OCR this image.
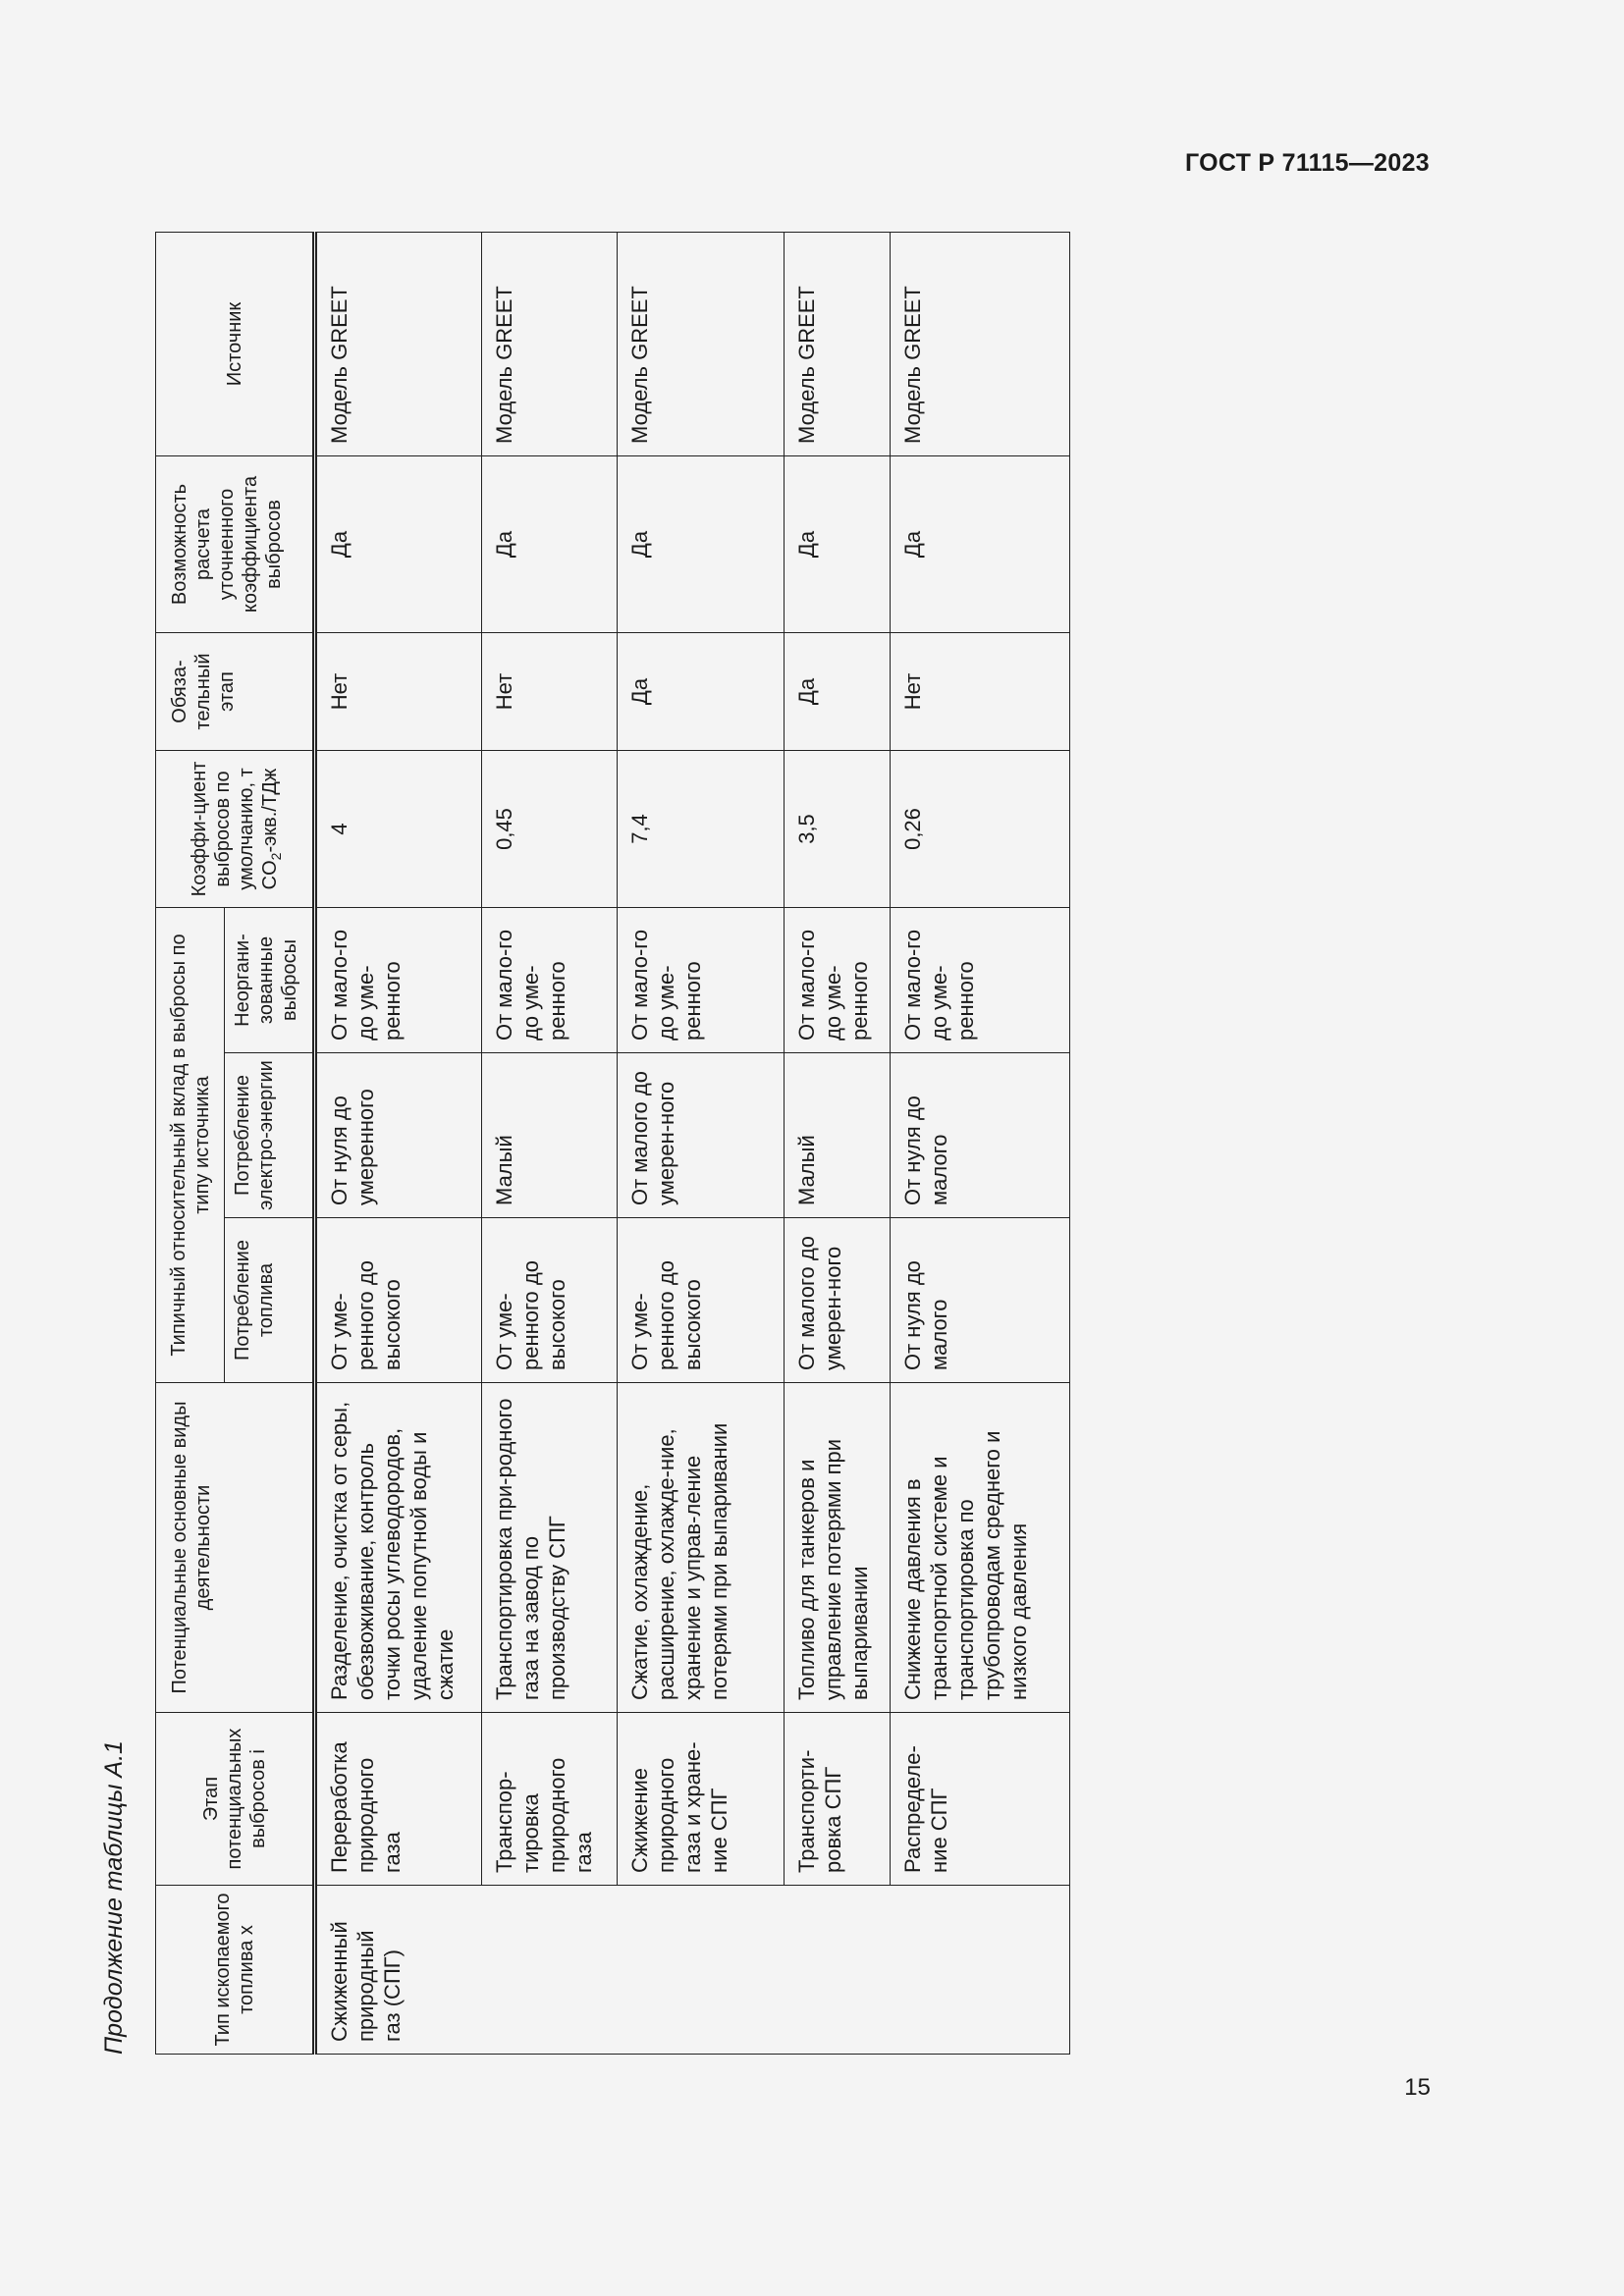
ГОСТ Р 71115—2023
Продолжение таблицы А.1	Тип ископаемого топлива x	Этап потенциальных выбросов i	Потенциальные основные виды деятельности	Типичный относительный вклад в выбросы по типу источника			Коэффи-циент выбросов по умолчанию, т $CO_2-экв$./ТДж	Обяза-тельный этап	Возможность расчета уточненного коэффициента выбросов	Источник
			Потребление топлива	Потребление электро-энергии	Неоргани-зованные выбросы				
Сжиженный природный газ (СПГ)	Переработка природного газа	Разделение, очистка от серы, обезвоживание, контроль точки росы углеводородов, удаление попутной воды и сжатие	От уме-ренного до высокого	От нуля до умеренного	От мало-го до уме-ренного	4	Нет	Да	Модель GREET
	Транспор-тировка природного газа	Транспортировка при-родного газа на завод по производству СПГ	От уме-ренного до высокого	Малый	От мало-го до уме-ренного	0,45	Нет	Да	Модель GREET
	Сжижение природного газа и хране-ние СПГ	Сжатие, охлаждение, расширение, охлажде-ние, хранение и управ-ление потерями при выпаривании	От уме-ренного до высокого	От малого до умерен-ного	От мало-го до уме-ренного	7,4	Да	Да	Модель GREET
	Транспорти-ровка СПГ	Топливо для танкеров и управление потерями при выпаривании	От малого до умерен-ного	Малый	От мало-го до уме-ренного	3,5	Да	Да	Модель GREET
	Распределе-ние СПГ	Снижение давления в транспортной системе и транспортировка по трубопроводам среднего и низкого давления	От нуля до малого	От нуля до малого	От мало-го до уме-ренного	0,26	Нет	Да	Модель GREET
15
